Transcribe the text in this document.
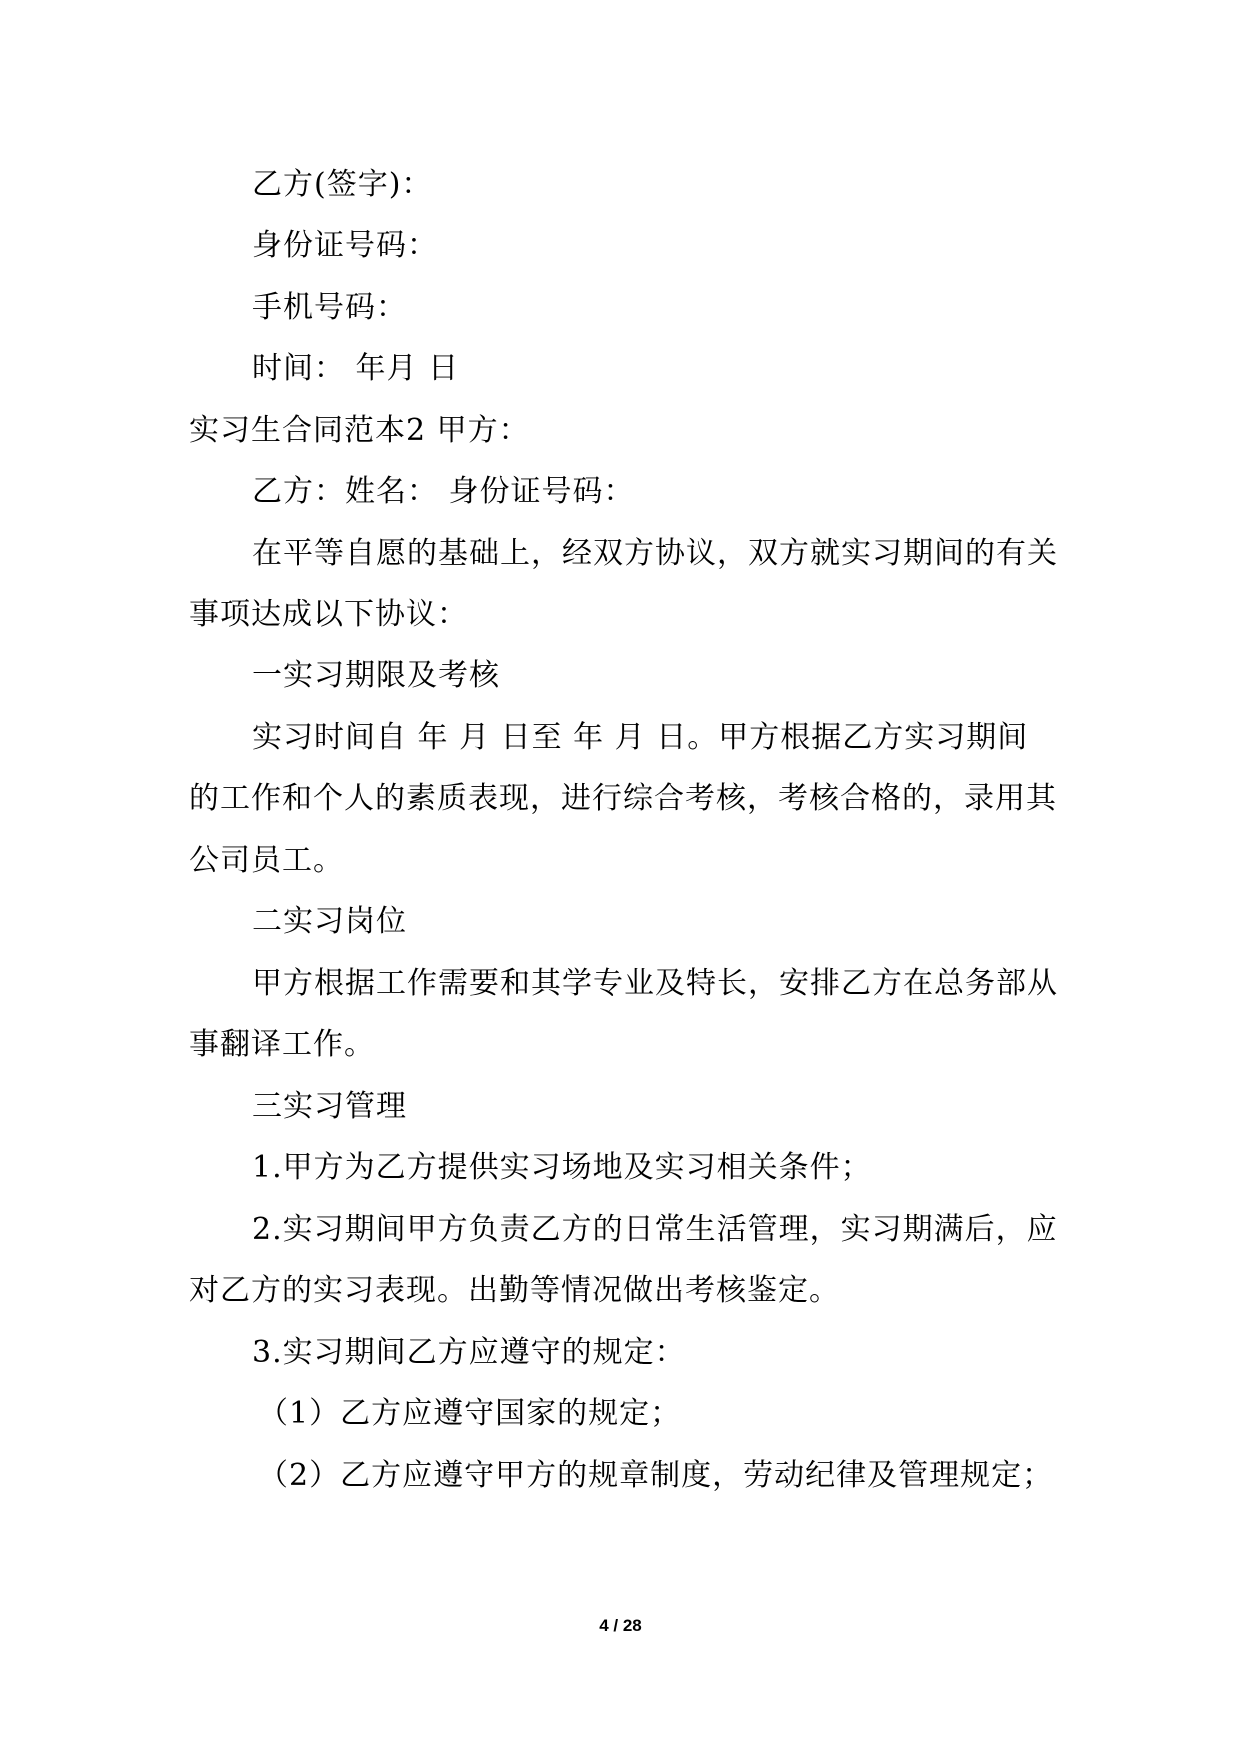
乙方(签字)：
身份证号码：
手机号码：
时间： 年月 日
实习生合同范本2 甲方：
乙方：姓名： 身份证号码：
在平等自愿的基础上，经双方协议，双方就实习期间的有关
事项达成以下协议：
一实习期限及考核
实习时间自 年 月 日至 年 月 日。甲方根据乙方实习期间
的工作和个人的素质表现，进行综合考核，考核合格的，录用其
公司员工。
二实习岗位
甲方根据工作需要和其学专业及特长，安排乙方在总务部从
事翻译工作。
三实习管理
1.甲方为乙方提供实习场地及实习相关条件；
2.实习期间甲方负责乙方的日常生活管理，实习期满后，应
对乙方的实习表现。出勤等情况做出考核鉴定。
3.实习期间乙方应遵守的规定：
（1）乙方应遵守国家的规定；
（2）乙方应遵守甲方的规章制度，劳动纪律及管理规定；
4 / 28
